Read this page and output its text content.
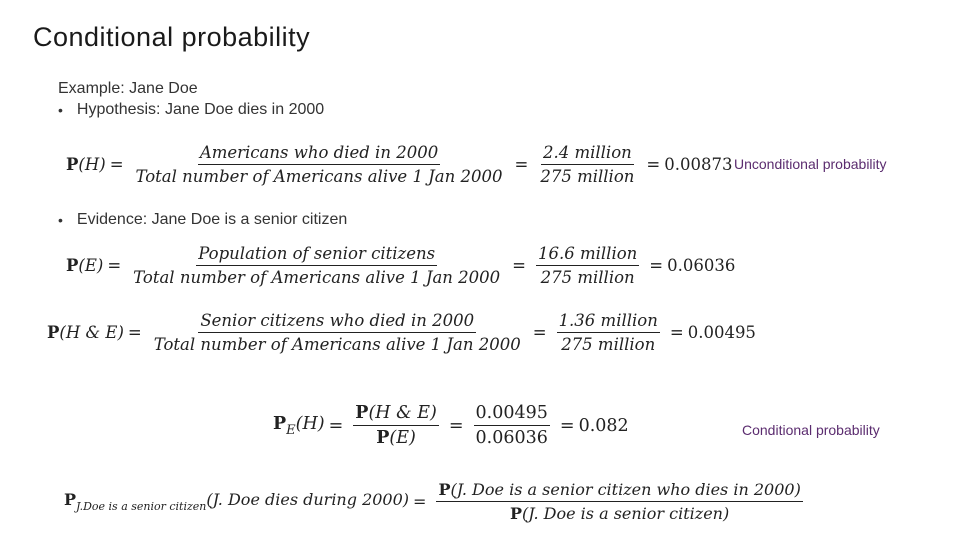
Conditional probability
Example: Jane Doe
• Hypothesis: Jane Doe dies in 2000
$P(H) = \frac{\text{Americans who died in 2000}}{\text{Total number of Americans alive 1 Jan 2000}} = \frac{\text{2.4 million}}{\text{275 million}} = 0.00873$ Unconditional probability
• Evidence: Jane Doe is a senior citizen
$P(E) = \frac{\text{Population of senior citizens}}{\text{Total number of Americans alive 1 Jan 2000}} = \frac{\text{16.6 million}}{\text{275 million}} = 0.06036$
P(H & $E) = \frac{\text{Senior citizens who died in 2000}}{\text{Total number of Americans alive 1 Jan 2000}} = \frac{\text{1.36 million}}{\text{275 million}} = 0.00495$
$P_E(H) = \frac{P(H \& E)}{P(E)} = \frac{0.00495}{0.06036} = 0.082$	Conditional probability
$P_{J.Doe is a senior citizen}(J$. Doe dies during $2000) = \frac{\text{P(J. Doe is a senior citizen who dies in 2000)}}{\text{P(J. Doe is a senior citizen)}}$
